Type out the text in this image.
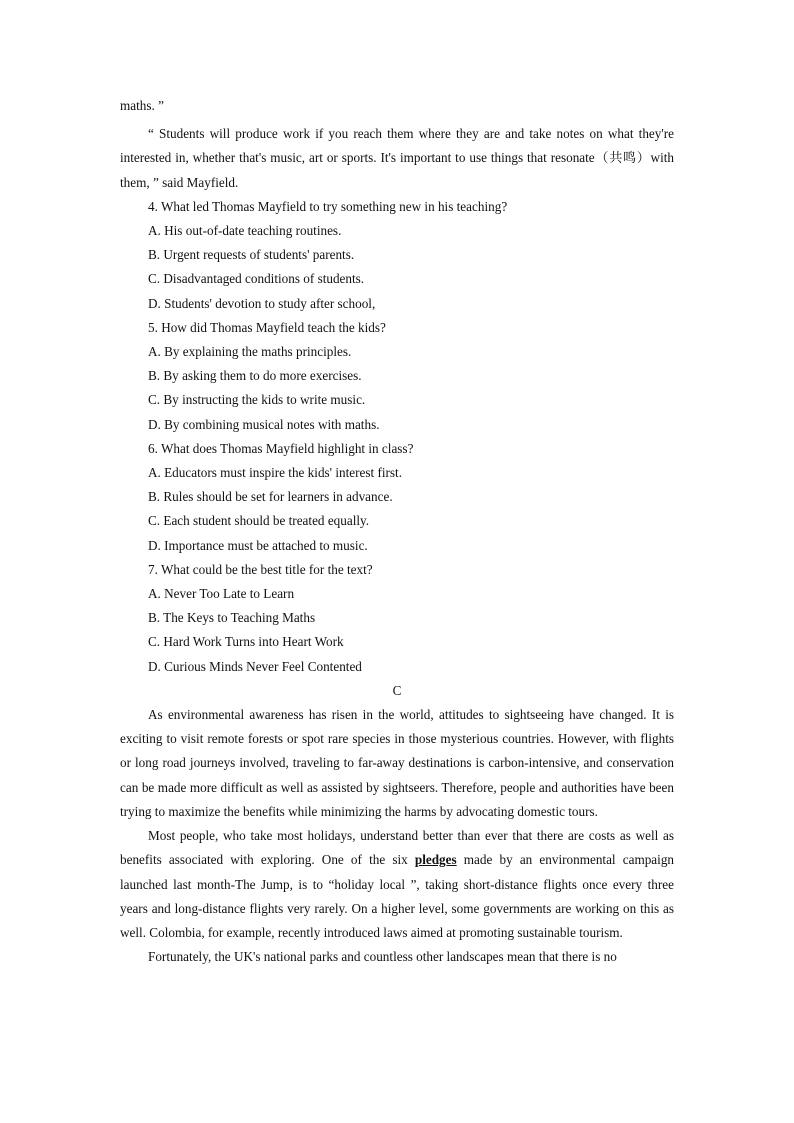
maths. ”

“ Students will produce work if you reach them where they are and take notes on what they're interested in, whether that's music, art or sports. It's important to use things that resonate（共鸣）with them, ” said Mayfield.

4. What led Thomas Mayfield to try something new in his teaching?

A. His out-of-date teaching routines.

B. Urgent requests of students' parents.

C. Disadvantaged conditions of students.

D. Students' devotion to study after school,

5. How did Thomas Mayfield teach the kids?

A. By explaining the maths principles.

B. By asking them to do more exercises.

C. By instructing the kids to write music.

D. By combining musical notes with maths.

6. What does Thomas Mayfield highlight in class?

A. Educators must inspire the kids' interest first.

B. Rules should be set for learners in advance.

C. Each student should be treated equally.

D. Importance must be attached to music.

7. What could be the best title for the text?

A. Never Too Late to Learn

B. The Keys to Teaching Maths

C. Hard Work Turns into Heart Work

D. Curious Minds Never Feel Contented

C

As environmental awareness has risen in the world, attitudes to sightseeing have changed. It is exciting to visit remote forests or spot rare species in those mysterious countries. However, with flights or long road journeys involved, traveling to far-away destinations is carbon-intensive, and conservation can be made more difficult as well as assisted by sightseers. Therefore, people and authorities have been trying to maximize the benefits while minimizing the harms by advocating domestic tours.

Most people, who take most holidays, understand better than ever that there are costs as well as benefits associated with exploring. One of the six pledges made by an environmental campaign launched last month-The Jump, is to “holiday local ”, taking short-distance flights once every three years and long-distance flights very rarely. On a higher level, some governments are working on this as well. Colombia, for example, recently introduced laws aimed at promoting sustainable tourism.

Fortunately, the UK's national parks and countless other landscapes mean that there is no
